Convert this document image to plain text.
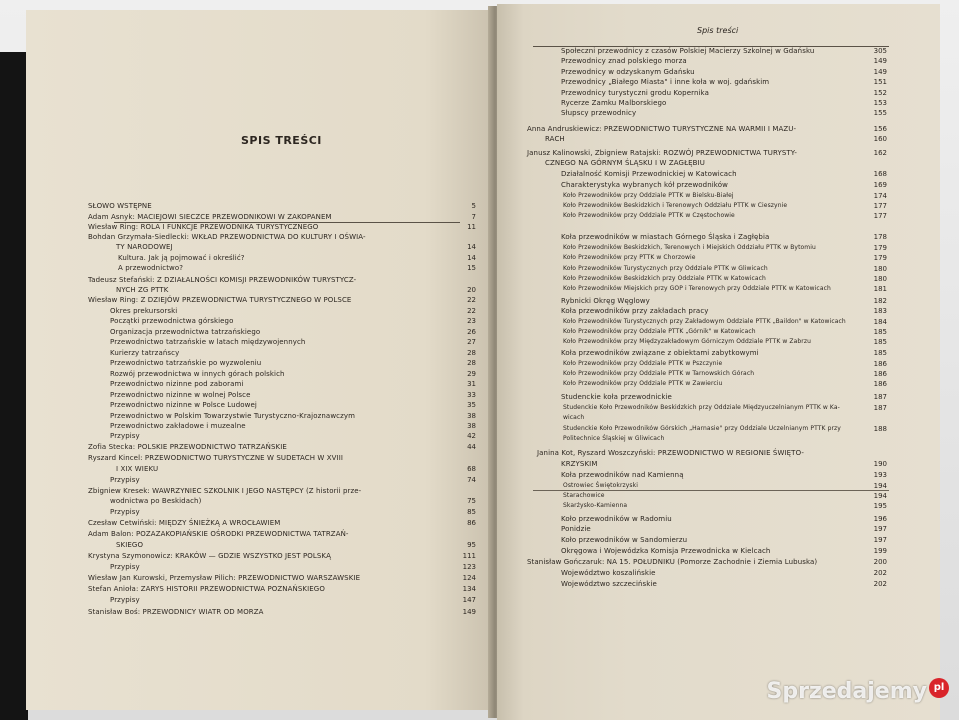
SPIS TREŚCI
SŁOWO WSTĘPNE	5
Adam Asnyk: MACIEJOWI SIECZCE PRZEWODNIKOWI W ZAKOPANEM	7
Wiesław Ring: ROLA I FUNKCJE PRZEWODNIKA TURYSTYCZNEGO	11
Bohdan Grzymała-Siedlecki: WKŁAD PRZEWODNICTWA DO KULTURY I OŚWIA-
TY NARODOWEJ	14
Kultura. Jak ją pojmować i określić?	14
A przewodnictwo?	15
Tadeusz Stefański: Z DZIAŁALNOŚCI KOMISJI PRZEWODNIKÓW TURYSTYCZ-
NYCH ZG PTTK	20
Wiesław Ring: Z DZIEJÓW PRZEWODNICTWA TURYSTYCZNEGO W POLSCE	22
Okres prekursorski	22
Początki przewodnictwa górskiego	23
Organizacja przewodnictwa tatrzańskiego	26
Przewodnictwo tatrzańskie w latach międzywojennych	27
Kurierzy tatrzańscy	28
Przewodnictwo tatrzańskie po wyzwoleniu	28
Rozwój przewodnictwa w innych górach polskich	29
Przewodnictwo nizinne pod zaborami	31
Przewodnictwo nizinne w wolnej Polsce	33
Przewodnictwo nizinne w Polsce Ludowej	35
Przewodnictwo w Polskim Towarzystwie Turystyczno-Krajoznawczym	38
Przewodnictwo zakładowe i muzealne	38
Przypisy	42
Zofia Stecka: POLSKIE PRZEWODNICTWO TATRZAŃSKIE	44
Ryszard Kincel: PRZEWODNICTWO TURYSTYCZNE W SUDETACH W XVIII
I XIX WIEKU	68
Przypisy	74
Zbigniew Kresek: WAWRZYNIEC SZKOLNIK I JEGO NASTĘPCY (Z historii prze-
wodnictwa po Beskidach)	75
Przypisy	85
Czesław Cetwiński: MIĘDZY ŚNIEŻKĄ A WROCŁAWIEM	86
Adam Balon: POZAZAKOPIAŃSKIE OŚRODKI PRZEWODNICTWA TATRZAŃ-
SKIEGO	95
Krystyna Szymonowicz: KRAKÓW — GDZIE WSZYSTKO JEST POLSKĄ	111
Przypisy	123
Wiesław Jan Kurowski, Przemysław Pilich: PRZEWODNICTWO WARSZAWSKIE	124
Stefan Anioła: ZARYS HISTORII PRZEWODNICTWA POZNAŃSKIEGO	134
Przypisy	147
Stanisław Boś: PRZEWODNICY WIATR OD MORZA	149
Spis treści
Społeczni przewodnicy z czasów Polskiej Macierzy Szkolnej w Gdańsku	305
Przewodnicy znad polskiego morza	149
Przewodnicy w odzyskanym Gdańsku	149
Przewodnicy „Białego Miasta" i inne koła w woj. gdańskim	151
Przewodnicy turystyczni grodu Kopernika	152
Rycerze Zamku Malborskiego	153
Słupscy przewodnicy	155
Anna Andruskiewicz: PRZEWODNICTWO TURYSTYCZNE NA WARMII I MAZU-	156
RACH	160
Janusz Kalinowski, Zbigniew Ratajski: ROZWÓJ PRZEWODNICTWA TURYSTY-	162
CZNEGO NA GÓRNYM ŚLĄSKU I W ZAGŁĘBIU
Działalność Komisji Przewodnickiej w Katowicach	168
Charakterystyka wybranych kół przewodników	169
Koło Przewodników przy Oddziale PTTK w Bielsku-Białej	174
Koło Przewodników Beskidzkich i Terenowych Oddziału PTTK w Cieszynie	177
Koło Przewodników przy Oddziale PTTK w Częstochowie	177
Koła przewodników w miastach Górnego Śląska i Zagłębia	178
Koło Przewodników Beskidzkich, Terenowych i Miejskich Oddziału PTTK w Bytomiu	179
Koło Przewodników przy PTTK w Chorzowie	179
Koło Przewodników Turystycznych przy Oddziale PTTK w Gliwicach	180
Koło Przewodników Beskidzkich przy Oddziale PTTK w Katowicach	180
Koło Przewodników Miejskich przy GOP i Terenowych przy Oddziale PTTK w Katowicach	181
Rybnicki Okręg Węglowy	182
Koła przewodników przy zakładach pracy	183
Koło Przewodników Turystycznych przy Zakładowym Oddziale PTTK „Baildon" w Katowicach	184
Koło Przewodników przy Oddziale PTTK „Górnik" w Katowicach	185
Koło Przewodników przy Międzyzakładowym Górniczym Oddziale PTTK w Zabrzu	185
Koła przewodników związane z obiektami zabytkowymi	185
Koło Przewodników przy Oddziale PTTK w Pszczynie	186
Koło Przewodników przy Oddziale PTTK w Tarnowskich Górach	186
Koło Przewodników przy Oddziale PTTK w Zawierciu	186
Studenckie koła przewodnickie	187
Studenckie Koło Przewodników Beskidzkich przy Oddziale Międzyuczelnianym PTTK w Ka-	187
wicach
Studenckie Koło Przewodników Górskich „Harnasie" przy Oddziale Uczelnianym PTTK przy	188
Politechnice Śląskiej w Gliwicach
Janina Kot, Ryszard Woszczyński: PRZEWODNICTWO W REGIONIE ŚWIĘTO-
KRZYSKIM	190
Koła przewodników nad Kamienną	193
Ostrowiec Świętokrzyski	194
Starachowice	194
Skarżysko-Kamienna	195
Koło przewodników w Radomiu	196
Ponidzie	197
Koło przewodników w Sandomierzu	197
Okręgowa i Wojewódzka Komisja Przewodnicka w Kielcach	199
Stanisław Gończaruk: NA 15. POŁUDNIKU (Pomorze Zachodnie i Ziemia Lubuska)	200
Województwo koszalińskie	202
Województwo szczecińskie	202
Sprzedajemy pl
